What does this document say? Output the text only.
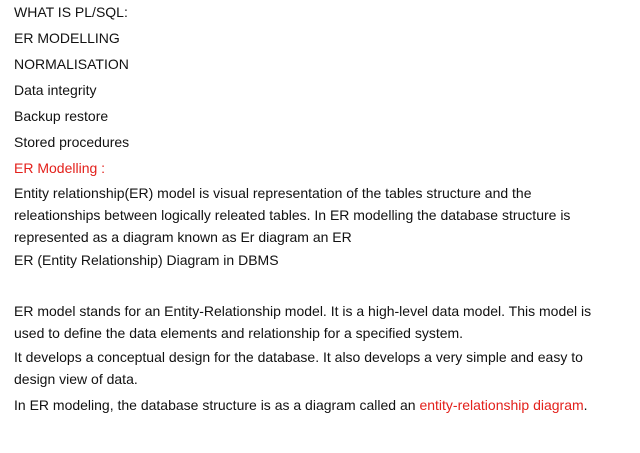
WHAT IS PL/SQL:
ER MODELLING
NORMALISATION
Data integrity
Backup restore
Stored procedures
ER Modelling :
Entity relationship(ER) model is visual representation of the tables structure and the
releationships between logically releated tables. In ER modelling the database structure is
represented as a diagram known as Er diagram an ER
ER (Entity Relationship) Diagram in DBMS
ER model stands for an Entity-Relationship model. It is a high-level data model. This model is
used to define the data elements and relationship for a specified system.
It develops a conceptual design for the database. It also develops a very simple and easy to
design view of data.
In ER modeling, the database structure is as a diagram called an entity-relationship diagram.
